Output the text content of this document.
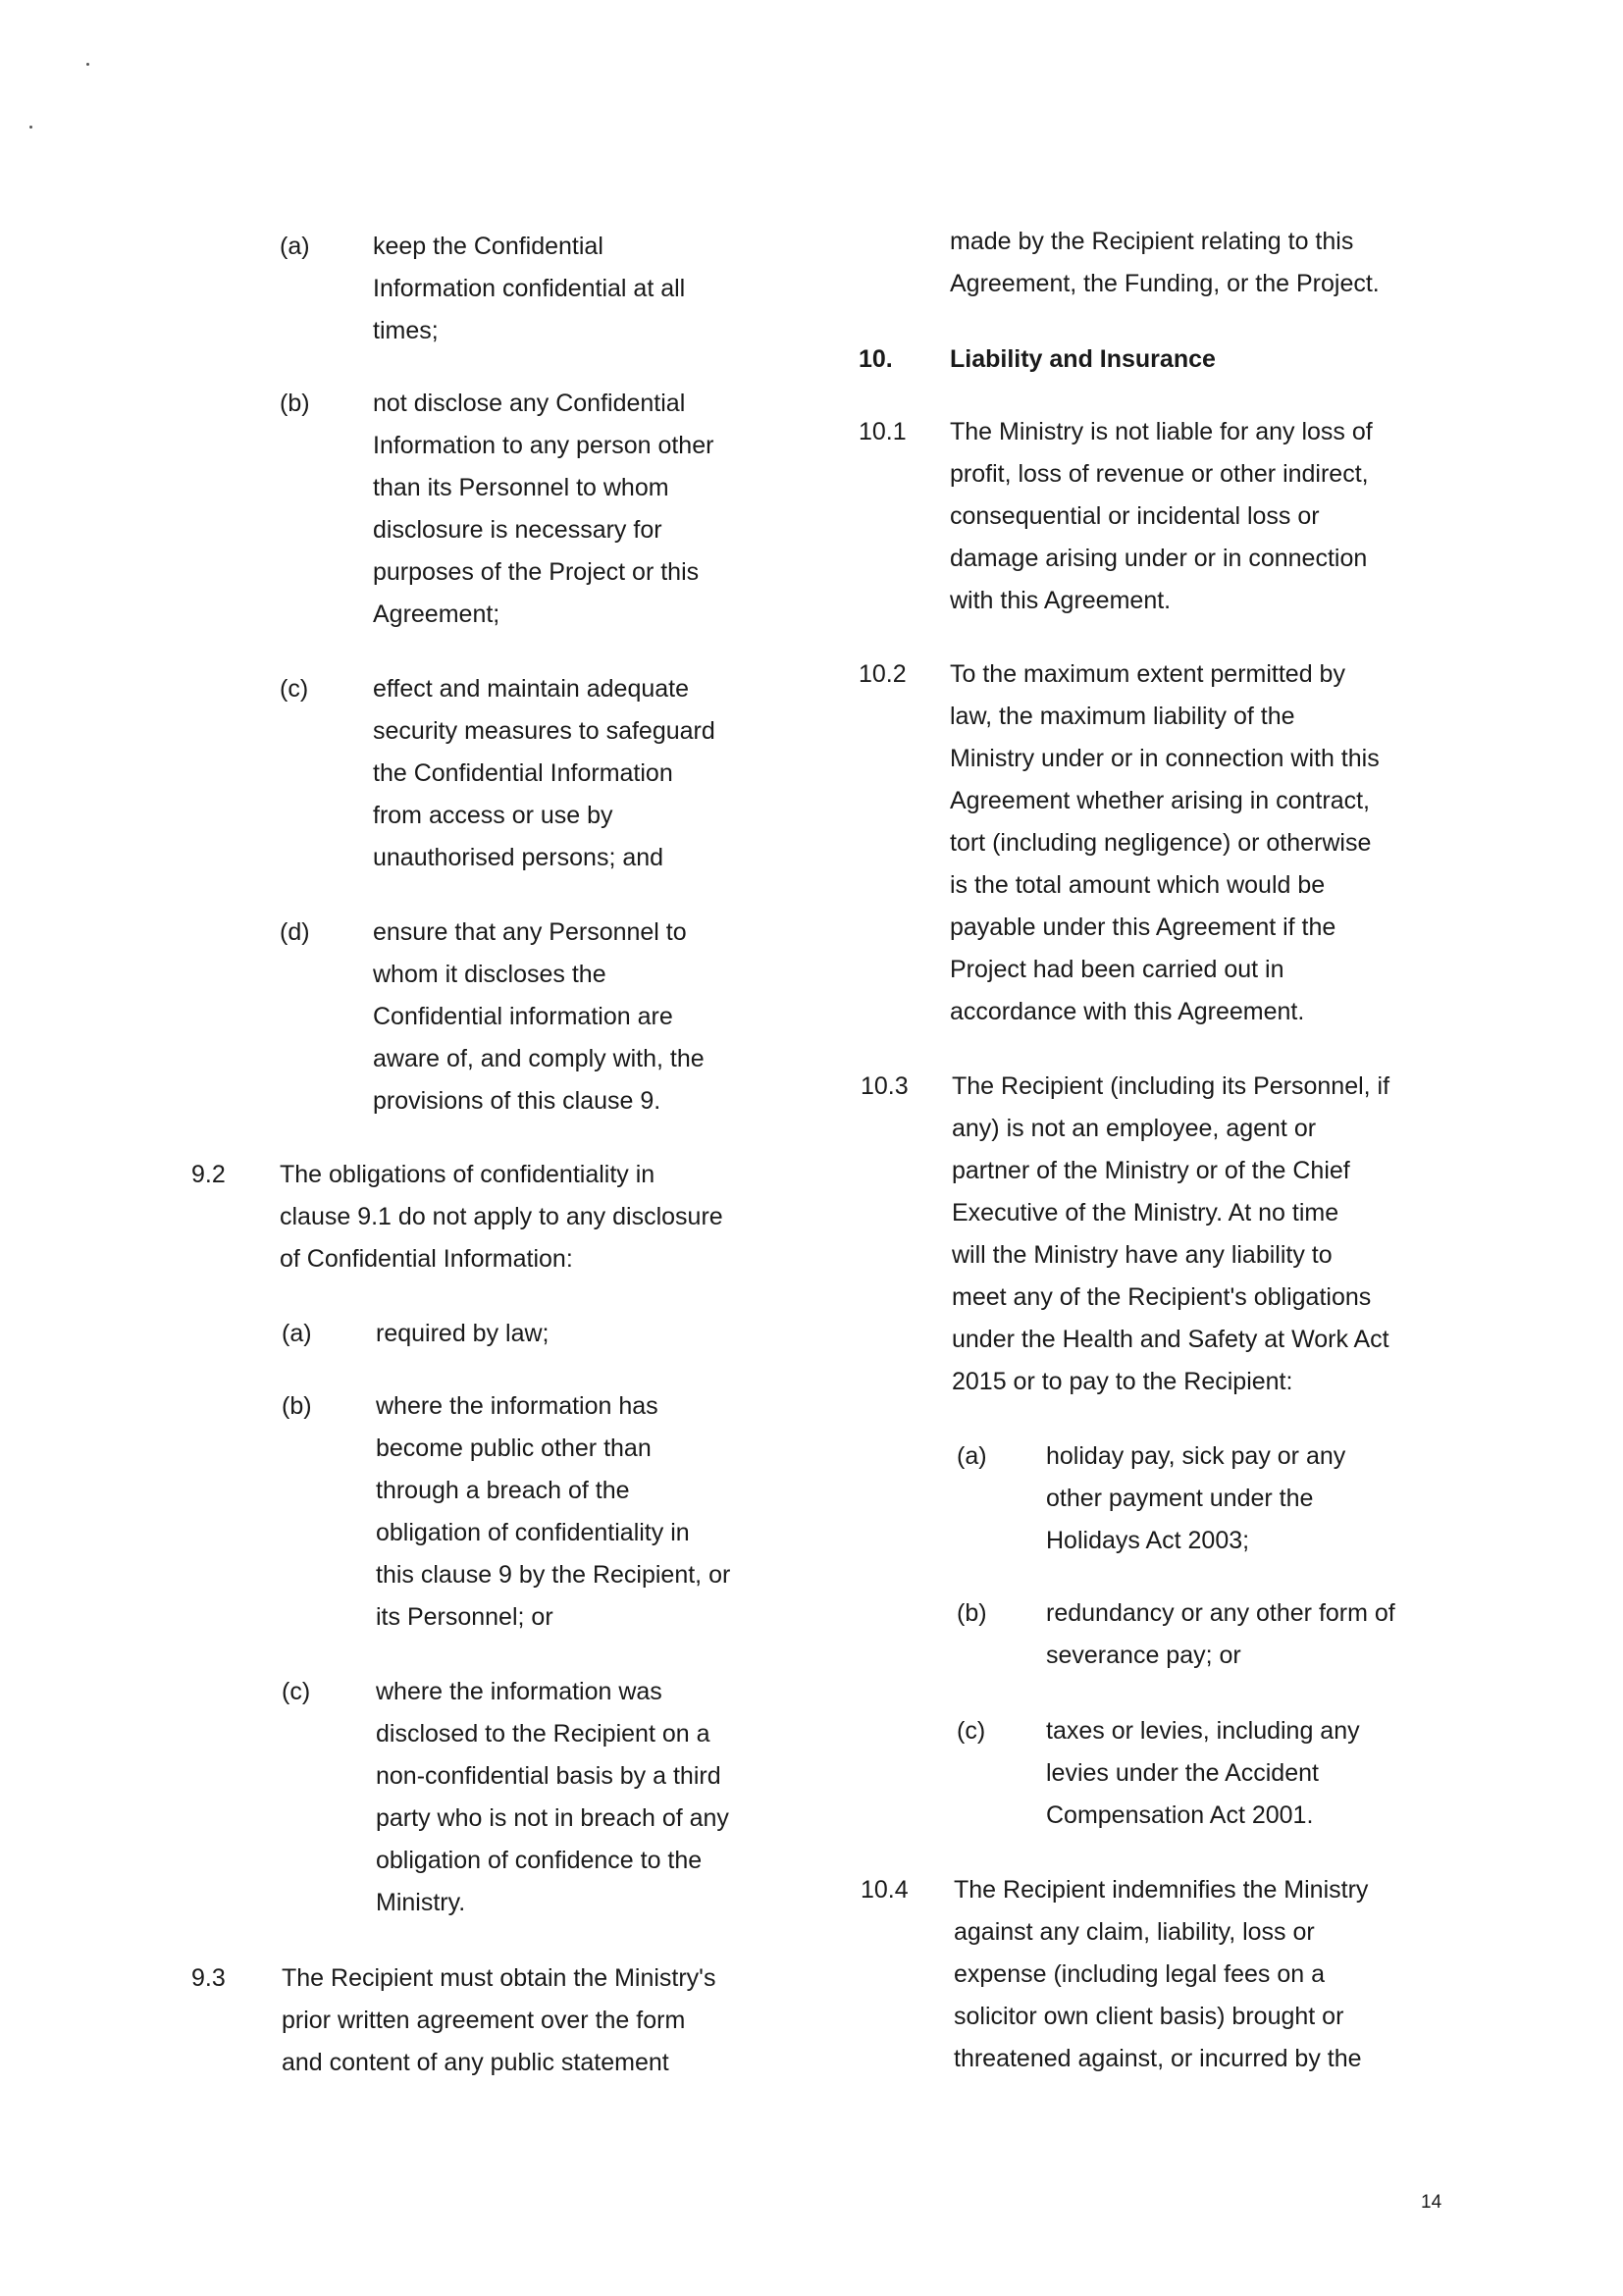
(a)	keep the Confidential
Information confidential at all
times;
(b)	not disclose any Confidential
Information to any person other
than its Personnel to whom
disclosure is necessary for
purposes of the Project or this
Agreement;
(c)	effect and maintain adequate
security measures to safeguard
the Confidential Information
from access or use by
unauthorised persons; and
(d)	ensure that any Personnel to
whom it discloses the
Confidential information are
aware of, and comply with, the
provisions of this clause 9.
9.2 The obligations of confidentiality in
clause 9.1 do not apply to any disclosure
of Confidential Information:
(a)	required by law;
(b)	where the information has
become public other than
through a breach of the
obligation of confidentiality in
this clause 9 by the Recipient, or
its Personnel; or
(c)	where the information was
disclosed to the Recipient on a
non-confidential basis by a third
party who is not in breach of any
obligation of confidence to the
Ministry.
9.3 The Recipient must obtain the Ministry's
prior written agreement over the form
and content of any public statement
made by the Recipient relating to this
Agreement, the Funding, or the Project.
10. Liability and Insurance
10.1 The Ministry is not liable for any loss of
profit, loss of revenue or other indirect,
consequential or incidental loss or
damage arising under or in connection
with this Agreement.
10.2 To the maximum extent permitted by
law, the maximum liability of the
Ministry under or in connection with this
Agreement whether arising in contract,
tort (including negligence) or otherwise
is the total amount which would be
payable under this Agreement if the
Project had been carried out in
accordance with this Agreement.
10.3 The Recipient (including its Personnel, if
any) is not an employee, agent or
partner of the Ministry or of the Chief
Executive of the Ministry. At no time
will the Ministry have any liability to
meet any of the Recipient's obligations
under the Health and Safety at Work Act
2015 or to pay to the Recipient:
(a) holiday pay, sick pay or any
other payment under the
Holidays Act 2003;
(b) redundancy or any other form of
severance pay; or
(c) taxes or levies, including any
levies under the Accident
Compensation Act 2001.
10.4 The Recipient indemnifies the Ministry
against any claim, liability, loss or
expense (including legal fees on a
solicitor own client basis) brought or
threatened against, or incurred by the
14
